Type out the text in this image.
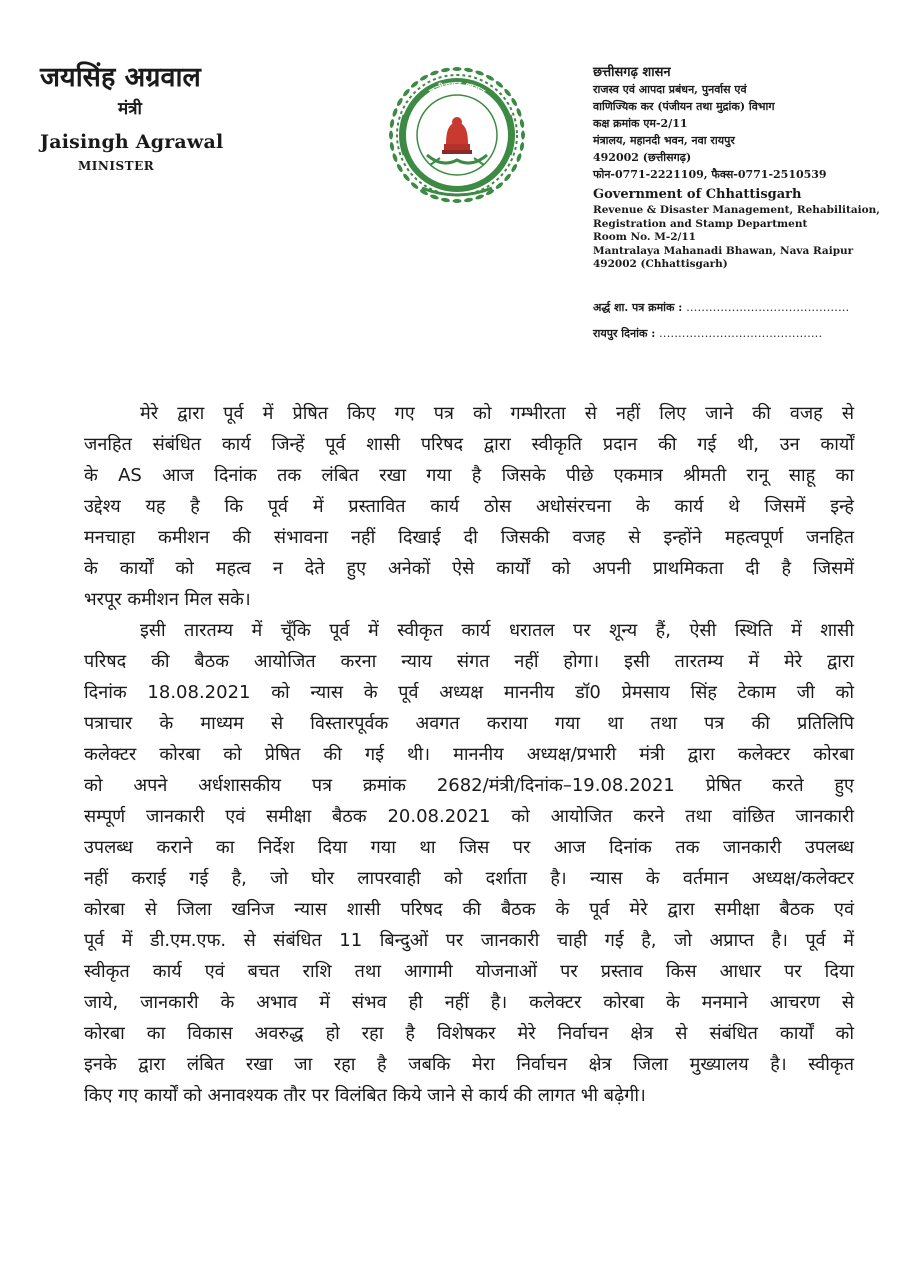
जयसिंह अग्रवाल
मंत्री
Jaisingh Agrawal
MINISTER
छत्तीसगढ़ शासन
छत्तीसगढ़ शासन
राजस्व एवं आपदा प्रबंधन, पुनर्वास एवं
वाणिज्यिक कर (पंजीयन तथा मुद्रांक) विभाग
कक्ष क्रमांक एम-2/11
मंत्रालय, महानदी भवन, नवा रायपुर
492002 (छत्तीसगढ़)
फोन-0771-2221109, फैक्स-0771-2510539
Government of Chhattisgarh
Revenue & Disaster Management, Rehabilitaion,
Registration and Stamp Department
Room No. M-2/11
Mantralaya Mahanadi Bhawan, Nava Raipur
492002 (Chhattisgarh)
अर्द्ध शा. पत्र क्रमांक : ...........................................
रायपुर दिनांक : ...........................................

मेरे द्वारा पूर्व में प्रेषित किए गए पत्र को गम्भीरता से नहीं लिए जाने की वजह से
जनहित संबंधित कार्य जिन्हें पूर्व शासी परिषद द्वारा स्वीकृति प्रदान की गई थी, उन कार्यों
के AS आज दिनांक तक लंबित रखा गया है जिसके पीछे एकमात्र श्रीमती रानू साहू का
उद्देश्य यह है कि पूर्व में प्रस्तावित कार्य ठोस अधोसंरचना के कार्य थे जिसमें इन्हे
मनचाहा कमीशन की संभावना नहीं दिखाई दी जिसकी वजह से इन्होंने महत्वपूर्ण जनहित
के कार्यों को महत्व न देते हुए अनेकों ऐसे कार्यों को अपनी प्राथमिकता दी है जिसमें
भरपूर कमीशन मिल सके।

इसी तारतम्य में चूँकि पूर्व में स्वीकृत कार्य धरातल पर शून्य हैं, ऐसी स्थिति में शासी
परिषद की बैठक आयोजित करना न्याय संगत नहीं होगा। इसी तारतम्य में मेरे द्वारा
दिनांक 18.08.2021 को न्यास के पूर्व अध्यक्ष माननीय डॉ0 प्रेमसाय सिंह टेकाम जी को
पत्राचार के माध्यम से विस्तारपूर्वक अवगत कराया गया था तथा पत्र की प्रतिलिपि
कलेक्टर कोरबा को प्रेषित की गई थी। माननीय अध्यक्ष/प्रभारी मंत्री द्वारा कलेक्टर कोरबा
को अपने अर्धशासकीय पत्र क्रमांक 2682/मंत्री/दिनांक–19.08.2021 प्रेषित करते हुए
सम्पूर्ण जानकारी एवं समीक्षा बैठक 20.08.2021 को आयोजित करने तथा वांछित जानकारी
उपलब्ध कराने का निर्देश दिया गया था जिस पर आज दिनांक तक जानकारी उपलब्ध
नहीं कराई गई है, जो घोर लापरवाही को दर्शाता है। न्यास के वर्तमान अध्यक्ष/कलेक्टर
कोरबा से जिला खनिज न्यास शासी परिषद की बैठक के पूर्व मेरे द्वारा समीक्षा बैठक एवं
पूर्व में डी.एम.एफ. से संबंधित 11 बिन्दुओं पर जानकारी चाही गई है, जो अप्राप्त है। पूर्व में
स्वीकृत कार्य एवं बचत राशि तथा आगामी योजनाओं पर प्रस्ताव किस आधार पर दिया
जाये, जानकारी के अभाव में संभव ही नहीं है। कलेक्टर कोरबा के मनमाने आचरण से
कोरबा का विकास अवरुद्ध हो रहा है विशेषकर मेरे निर्वाचन क्षेत्र से संबंधित कार्यों को
इनके द्वारा लंबित रखा जा रहा है जबकि मेरा निर्वाचन क्षेत्र जिला मुख्यालय है। स्वीकृत
किए गए कार्यों को अनावश्यक तौर पर विलंबित किये जाने से कार्य की लागत भी बढ़ेगी।
